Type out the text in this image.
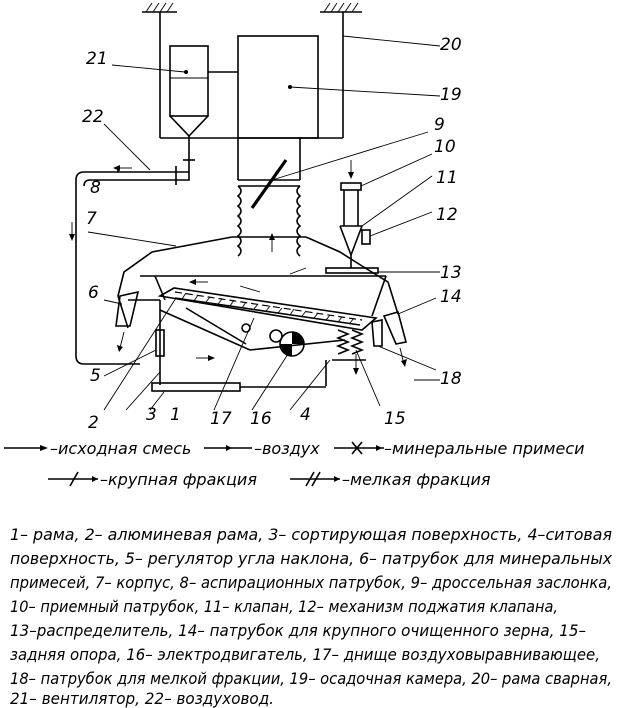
1
2	3	4
5
6
7
8
9
10
11
12
13
14
15
16
17
18
19
20
21
22
–исходная смесь	–воздух	–минеральные примеси
–крупная фракция	–мелкая фракция
1– рама, 2– алюминевая рама, 3– сортирующая поверхность, 4–ситовая
поверхность, 5– регулятор угла наклона, 6– патрубок для минеральных
примесей, 7– корпус, 8– аспирационных патрубок, 9– дроссельная заслонка,
10– приемный патрубок, 11– клапан, 12– механизм поджатия клапана,
13–распределитель, 14– патрубок для крупного очищенного зерна, 15–
задняя опора, 16– электродвигатель, 17– днище воздуховыравнивающее,
18– патрубок для мелкой фракции, 19– осадочная камера, 20– рама сварная,
21– вентилятор, 22– воздуховод.
